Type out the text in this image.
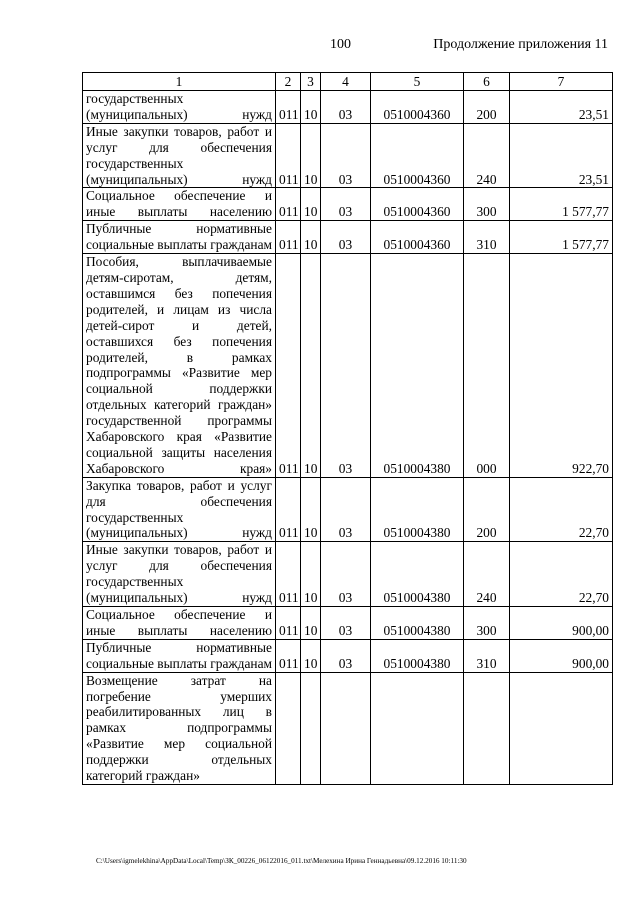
100	Продолжение приложения 11
1	2	3	4	5	6	7
государственных
(муниципальных) нужд	011	10	03	0510004360	200	23,51
Иные закупки товаров, работ и услуг для обеспечения государственных
(муниципальных) нужд	011	10	03	0510004360	240	23,51
Социальное обеспечение и иные выплаты населению	011	10	03	0510004360	300	1 577,77
Публичные нормативные социальные выплаты гражданам	011	10	03	0510004360	310	1 577,77
Пособия, выплачиваемые детям-сиротам, детям, оставшимся без попечения родителей, и лицам из числа детей-сирот и детей, оставшихся без попечения родителей, в рамках подпрограммы «Развитие мер социальной поддержки отдельных категорий граждан» государственной программы Хабаровского края «Развитие социальной защиты населения Хабаровского края»	011	10	03	0510004380	000	922,70
Закупка товаров, работ и услуг для обеспечения государственных
(муниципальных) нужд	011	10	03	0510004380	200	22,70
Иные закупки товаров, работ и услуг для обеспечения государственных
(муниципальных) нужд	011	10	03	0510004380	240	22,70
Социальное обеспечение и иные выплаты населению	011	10	03	0510004380	300	900,00
Публичные нормативные социальные выплаты гражданам	011	10	03	0510004380	310	900,00
Возмещение затрат на погребение умерших реабилитированных лиц в рамках подпрограммы «Развитие мер социальной поддержки отдельных категорий граждан»						
C:\Users\igmelekhina\AppData\Local\Temp\ЗК_00226_06122016_011.txt\Мелехина Ирина Геннадьевна\09.12.2016 10:11:30
